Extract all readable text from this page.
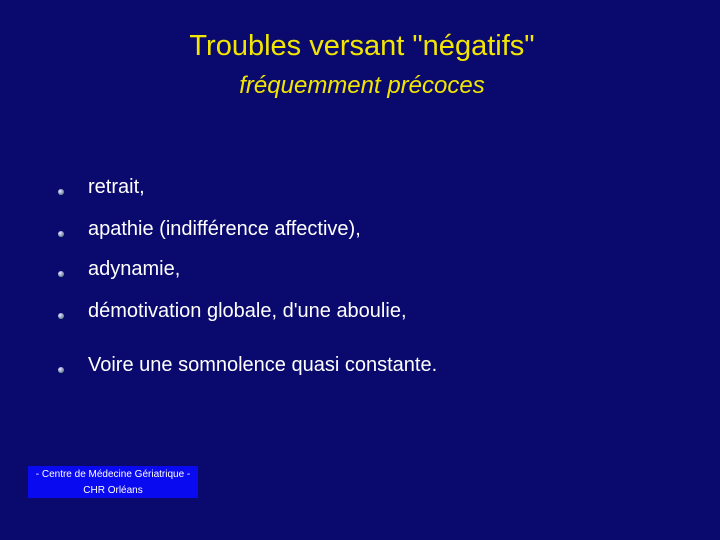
Troubles versant "négatifs"
fréquemment précoces
retrait,
apathie (indifférence affective),
adynamie,
démotivation globale, d'une aboulie,
Voire une somnolence quasi constante.
- Centre de Médecine Gériatrique -
CHR Orléans
